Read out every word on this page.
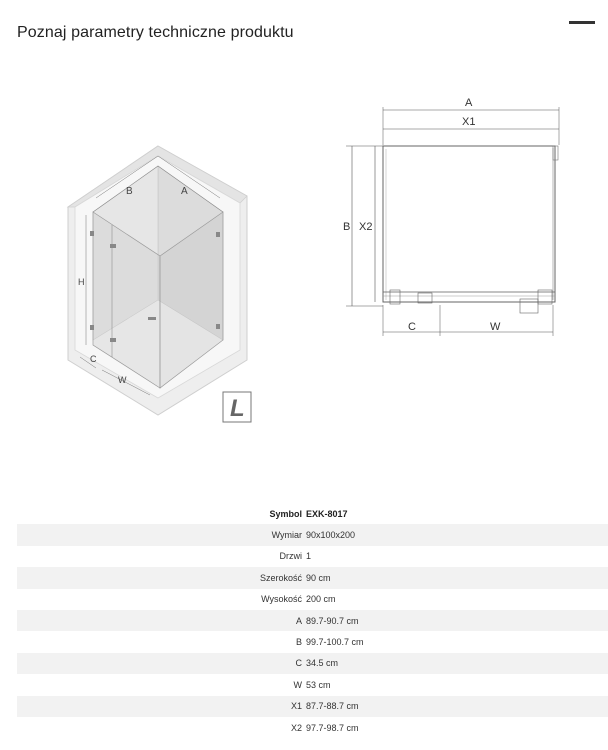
Poznaj parametry techniczne produktu
B	A
H
C
W
L
A
X1
B X2
C	W
Symbol	EXK-8017
Wymiar	90x100x200
Drzwi	1
Szerokość	90 cm
Wysokość	200 cm
A	89.7-90.7 cm
B	99.7-100.7 cm
C	34.5 cm
W	53 cm
X1	87.7-88.7 cm
X2	97.7-98.7 cm
